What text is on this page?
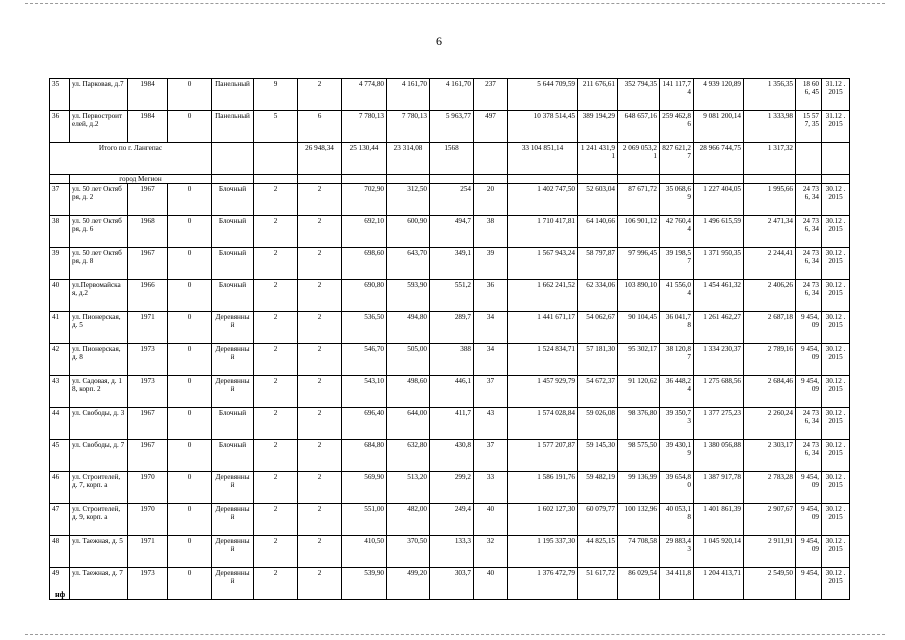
6
35	ул. Парковая, д.7	1984	0	Панельный	9	2	4 774,80	4 161,70	4 161,70	237	5 644 709,59	211 676,61	352 794,35	141 117,7 4	4 939 120,89	1 356,35	18 606, 45	31.12 .2015
36	ул. Первостроителей, д.2	1984	0	Панельный	5	6	7 780,13	7 780,13	5 963,77	497	10 378 514,45	389 194,29	648 657,16	259 462,8 6	9 081 200,14	1 333,98	15 577, 35	31.12 .2015
Итого по г. Лангепас						26 948,34	25 130,44	23 314,08	1568		33 104 851,14	1 241 431,91	2 069 053,21	827 621,2 7	28 966 744,75	1 317,32		
	город Мегион																	
37	ул. 50 лет Октября, д. 2	1967	0	Блочный	2	2	702,90	312,50	254	20	1 402 747,50	52 603,04	87 671,72	35 068,6 9	1 227 404,05	1 995,66	24 736, 34	30.12 .2015
38	ул. 50 лет Октября, д. 6	1968	0	Блочный	2	2	692,10	600,90	494,7	38	1 710 417,81	64 140,66	106 901,12	42 760,4 4	1 496 615,59	2 471,34	24 736, 34	30.12 .2015
39	ул. 50 лет Октября, д. 8	1967	0	Блочный	2	2	698,60	643,70	349,1	39	1 567 943,24	58 797,87	97 996,45	39 198,5 7	1 371 950,35	2 244,41	24 736, 34	30.12 .2015
40	ул.Первомайская, д.2	1966	0	Блочный	2	2	690,80	593,90	551,2	36	1 662 241,52	62 334,06	103 890,10	41 556,0 4	1 454 461,32	2 406,26	24 736, 34	30.12 .2015
41	ул. Пионерская, д. 5	1971	0	Деревянный	2	2	536,50	494,80	289,7	34	1 441 671,17	54 062,67	90 104,45	36 041,7 8	1 261 462,27	2 687,18	9 454, 09	30.12 .2015
42	ул. Пионерская, д. 8	1973	0	Деревянный	2	2	546,70	505,00	388	34	1 524 834,71	57 181,30	95 302,17	38 120,8 7	1 334 230,37	2 789,16	9 454, 09	30.12 .2015
43	ул. Садовая, д. 18, корп. 2	1973	0	Деревянный	2	2	543,10	498,60	446,1	37	1 457 929,79	54 672,37	91 120,62	36 448,2 4	1 275 688,56	2 684,46	9 454, 09	30.12 .2015
44	ул. Свободы, д. 3	1967	0	Блочный	2	2	696,40	644,00	411,7	43	1 574 028,84	59 026,08	98 376,80	39 350,7 3	1 377 275,23	2 260,24	24 736, 34	30.12 .2015
45	ул. Свободы, д. 7	1967	0	Блочный	2	2	684,80	632,80	430,8	37	1 577 207,87	59 145,30	98 575,50	39 430,1 9	1 380 056,88	2 303,17	24 736, 34	30.12 .2015
46	ул. Строителей, д. 7, корп. а	1970	0	Деревянный	2	2	569,90	513,20	299,2	33	1 586 191,76	59 482,19	99 136,99	39 654,8 0	1 387 917,78	2 783,28	9 454, 09	30.12 .2015
47	ул. Строителей, д. 9, корп. а	1970	0	Деревянный	2	2	551,00	482,00	249,4	40	1 602 127,30	60 079,77	100 132,96	40 053,1 8	1 401 861,39	2 907,67	9 454, 09	30.12 .2015
48	ул. Таежная, д. 5	1971	0	Деревянный	2	2	410,50	370,50	133,3	32	1 195 337,30	44 825,15	74 708,58	29 883,4 3	1 045 920,14	2 911,91	9 454, 09	30.12 .2015
49	ул. Таежная, д. 7	1973	0	Деревянный	2	2	539,90	499,20	303,7	40	1 376 472,79	51 617,72	86 029,54	34 411,8	1 204 413,71	2 549,50	9 454,	30.12 .2015
нф
